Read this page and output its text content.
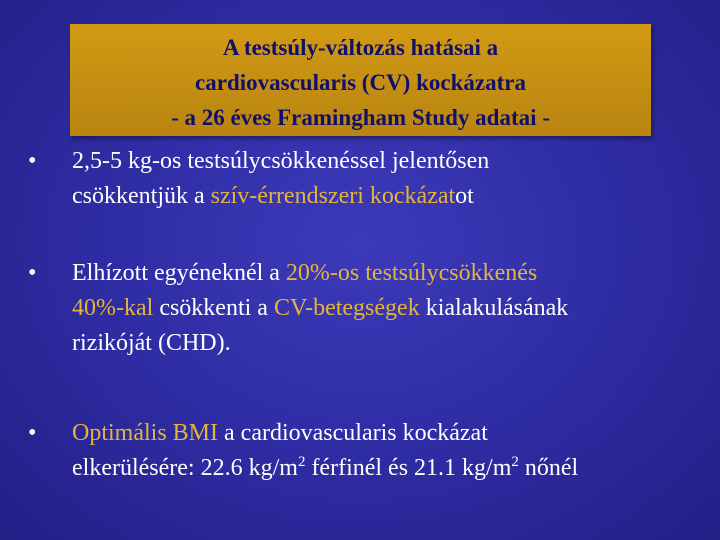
A testsúly-változás hatásai a
cardiovascularis (CV) kockázatra
- a 26 éves Framingham Study adatai -
•	2,5-5 kg-os testsúlycsökkenéssel jelentősen
csökkentjük a szív-érrendszeri kockázatot
•	Elhízott egyéneknél a 20%-os testsúlycsökkenés
40%-kal csökkenti a CV-betegségek kialakulásának
rizikóját (CHD).
•	Optimális BMI a cardiovascularis kockázat
elkerülésére: 22.6 $kg/m^2$ férfinél és 21.1 $kg/m^2$ nőnél
